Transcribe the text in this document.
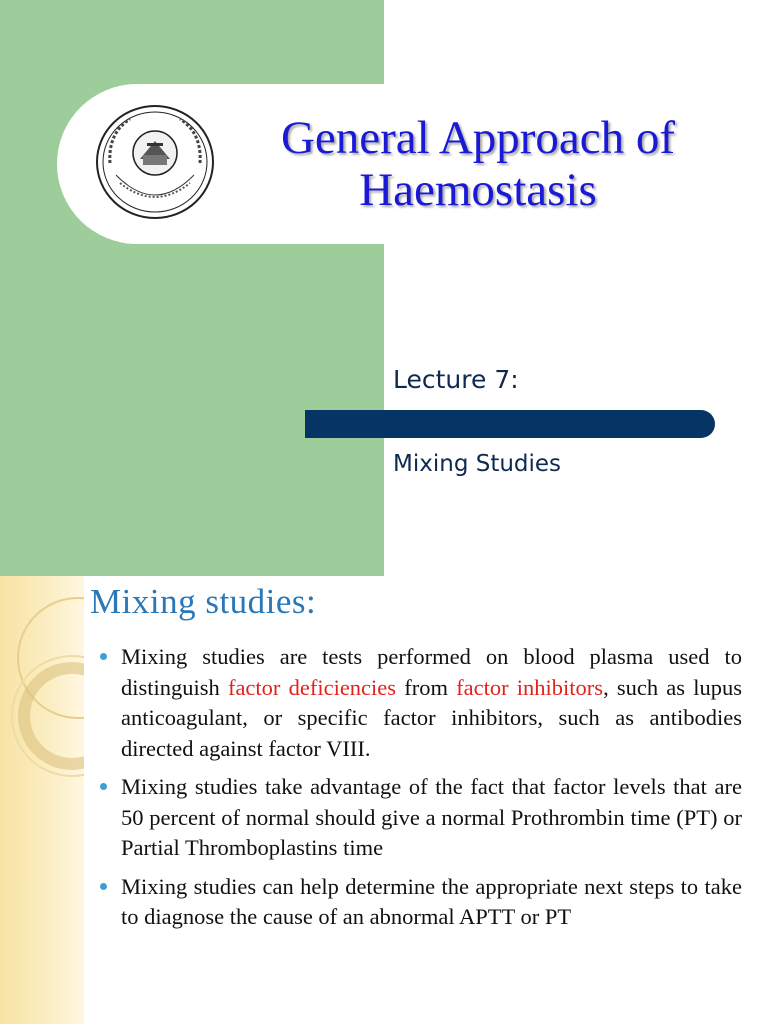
General Approach of
Haemostasis
Lecture 7:
Mixing Studies
Mixing studies:
Mixing studies are tests performed on blood plasma used to distinguish factor deficiencies from factor inhibitors, such as lupus anticoagulant, or specific factor inhibitors, such as antibodies directed against factor VIII.
Mixing studies take advantage of the fact that factor levels that are 50 percent of normal should give a normal Prothrombin time (PT) or Partial Thromboplastins time
Mixing studies can help determine the appropriate next steps to take to diagnose the cause of an abnormal APTT or PT
